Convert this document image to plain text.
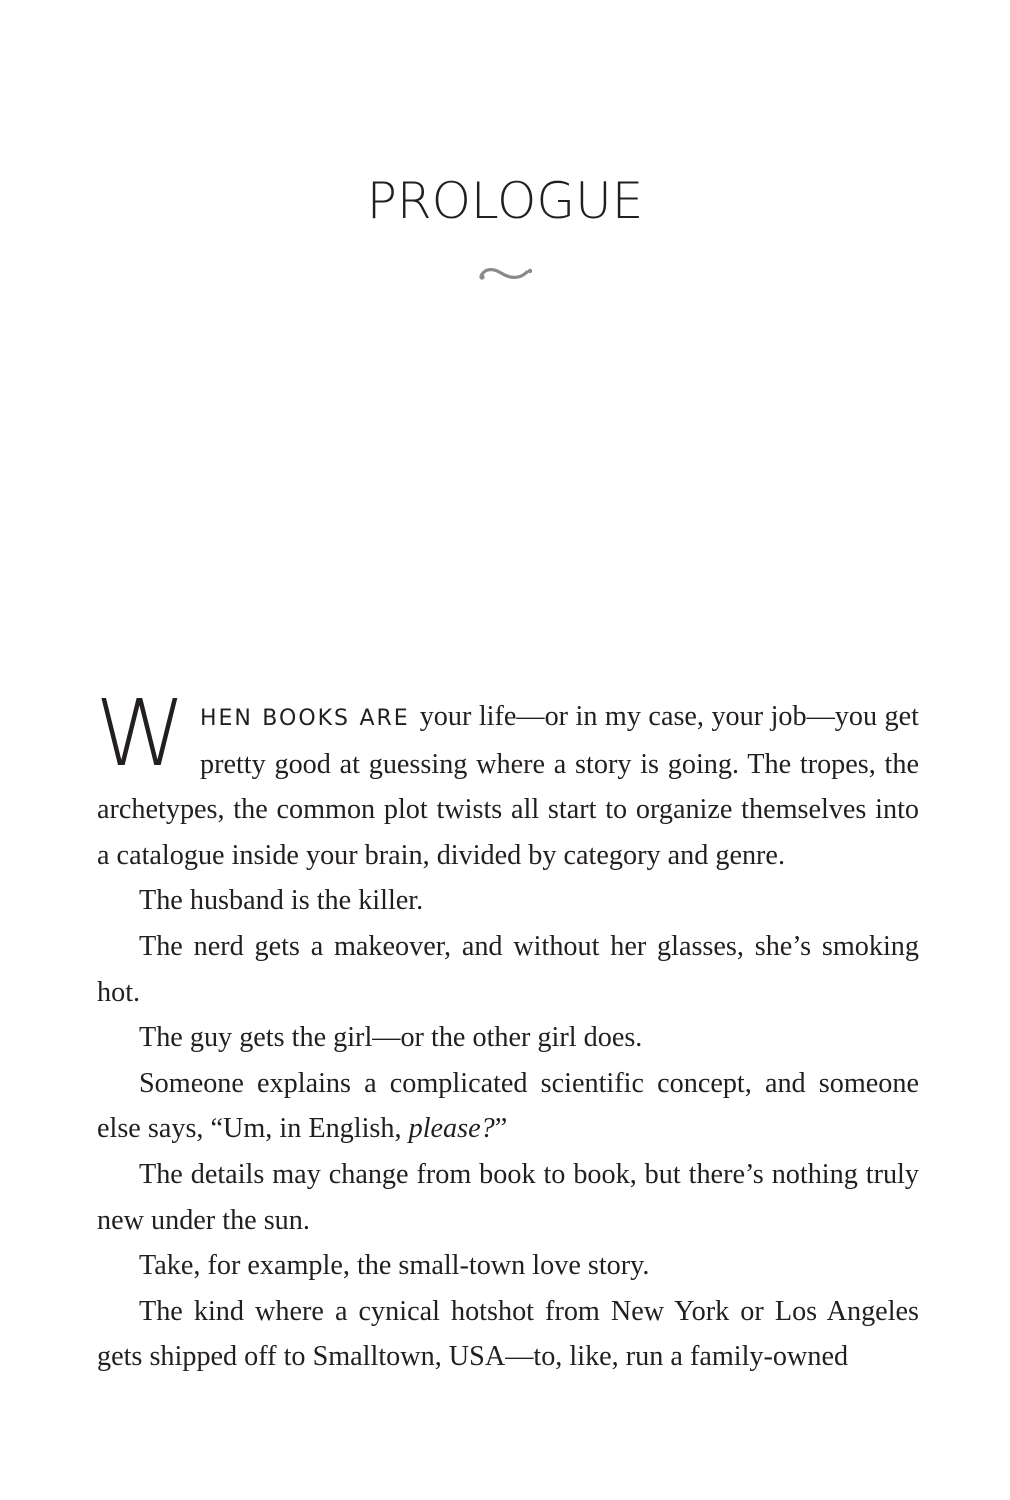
PROLOGUE

WHEN BOOKS ARE your life—or in my case, your job—you get pretty good at guessing where a story is going. The tropes, the archetypes, the common plot twists all start to organize themselves into a catalogue inside your brain, divided by category and genre.

The husband is the killer.

The nerd gets a makeover, and without her glasses, she’s smoking hot.

The guy gets the girl—or the other girl does.

Someone explains a complicated scientific concept, and someone else says, “Um, in English, please?”

The details may change from book to book, but there’s nothing truly new under the sun.

Take, for example, the small-town love story.

The kind where a cynical hotshot from New York or Los Angeles gets shipped off to Smalltown, USA—to, like, run a family-owned
